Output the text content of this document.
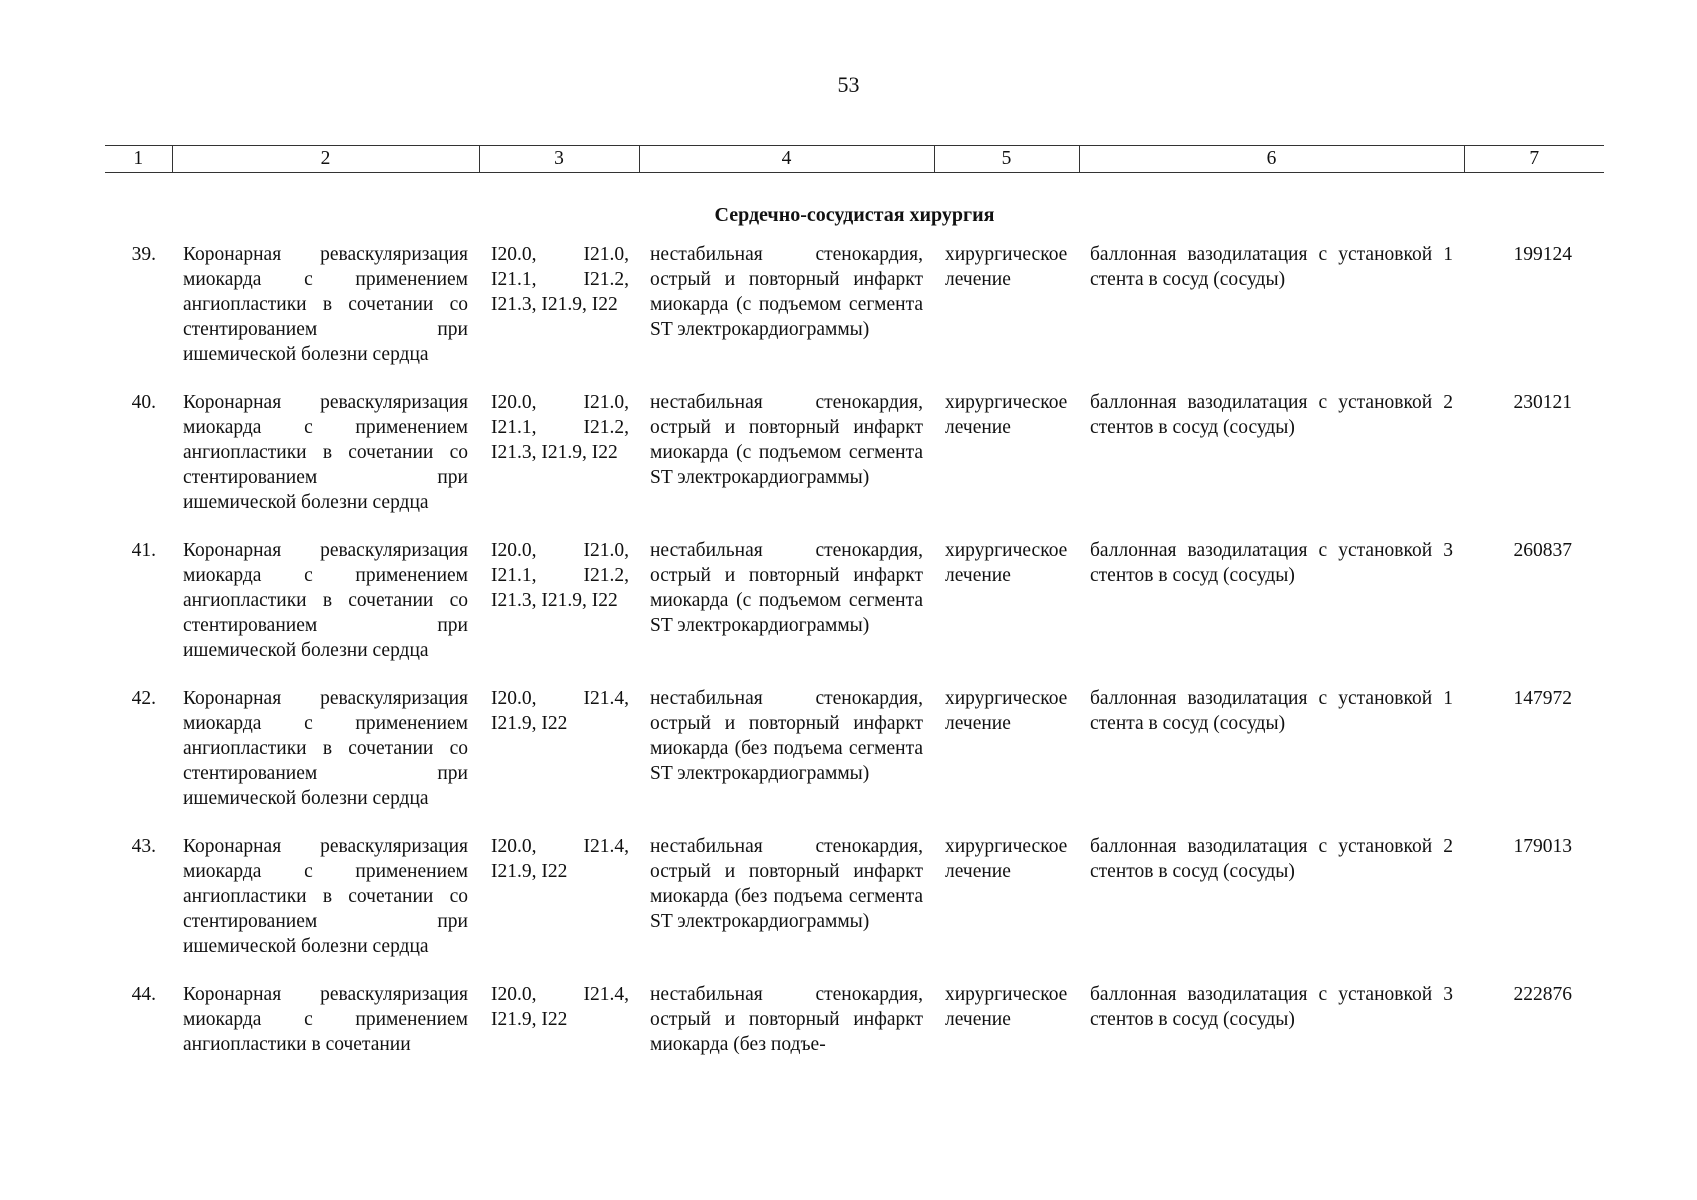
53
1	2	3	4	5	6	7
Сердечно-сосудистая хирургия						
39.	Коронарная реваскуляризация миокарда с применением ангиопластики в сочетании со стентированием при ишемической болезни сердца	I20.0, I21.0, I21.1, I21.2, I21.3, I21.9, I22	нестабильная стенокардия, острый и повторный инфаркт миокарда (с подъемом сегмента ST электрокардиограммы)	хирургическое лечение	баллонная вазодилатация с установкой 1 стента в сосуд (сосуды)	199124
40.	Коронарная реваскуляризация миокарда с применением ангиопластики в сочетании со стентированием при ишемической болезни сердца	I20.0, I21.0, I21.1, I21.2, I21.3, I21.9, I22	нестабильная стенокардия, острый и повторный инфаркт миокарда (с подъемом сегмента ST электрокардиограммы)	хирургическое лечение	баллонная вазодилатация с установкой 2 стентов в сосуд (сосуды)	230121
41.	Коронарная реваскуляризация миокарда с применением ангиопластики в сочетании со стентированием при ишемической болезни сердца	I20.0, I21.0, I21.1, I21.2, I21.3, I21.9, I22	нестабильная стенокардия, острый и повторный инфаркт миокарда (с подъемом сегмента ST электрокардиограммы)	хирургическое лечение	баллонная вазодилатация с установкой 3 стентов в сосуд (сосуды)	260837
42.	Коронарная реваскуляризация миокарда с применением ангиопластики в сочетании со стентированием при ишемической болезни сердца	I20.0, I21.4, I21.9, I22	нестабильная стенокардия, острый и повторный инфаркт миокарда (без подъема сегмента ST электрокардиограммы)	хирургическое лечение	баллонная вазодилатация с установкой 1 стента в сосуд (сосуды)	147972
43.	Коронарная реваскуляризация миокарда с применением ангиопластики в сочетании со стентированием при ишемической болезни сердца	I20.0, I21.4, I21.9, I22	нестабильная стенокардия, острый и повторный инфаркт миокарда (без подъема сегмента ST электрокардиограммы)	хирургическое лечение	баллонная вазодилатация с установкой 2 стентов в сосуд (сосуды)	179013
44.	Коронарная реваскуляризация миокарда с применением ангиопластики в сочетании	I20.0, I21.4, I21.9, I22	нестабильная стенокардия, острый и повторный инфаркт миокарда (без подъе-	хирургическое лечение	баллонная вазодилатация с установкой 3 стентов в сосуд (сосуды)	222876
